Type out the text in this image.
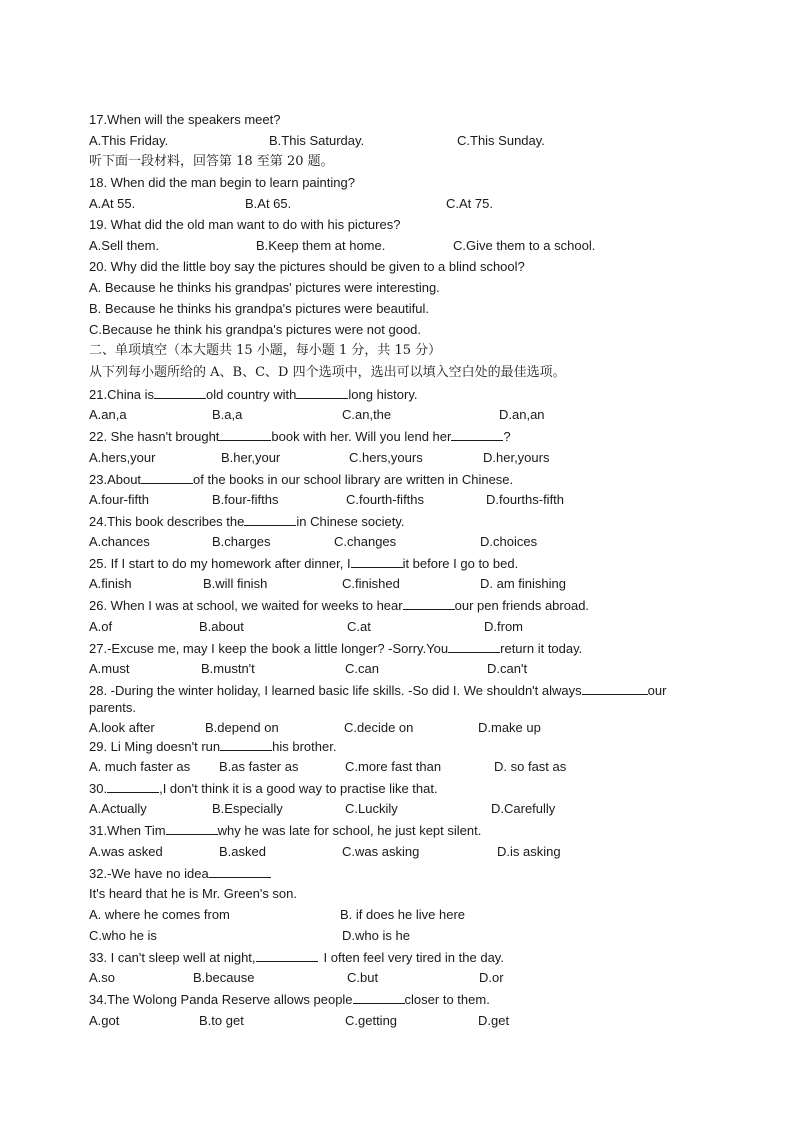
17.When will the speakers meet?
A.This Friday.	B.This Saturday.	C.This Sunday.
听下面一段材料，回答第 18 至第 20 题。
18. When did the man begin to learn painting?
A.At 55.	B.At 65.	C.At 75.
19. What did the old man want to do with his pictures?
A.Sell them.	B.Keep them at home.	C.Give them to a school.
20. Why did the little boy say the pictures should be given to a blind school?
A. Because he thinks his grandpas' pictures were interesting.
B. Because he thinks his grandpa's pictures were beautiful.
C.Because he think his grandpa's pictures were not good.
二、单项填空（本大题共 15 小题，每小题 1 分，共 15 分）
从下列每小题所给的 A、B、C、D 四个选项中，选出可以填入空白处的最佳选项。
21.China is	old country with	long history.
A.an,a	B.a,a	C.an,the	D.an,an
22. She hasn't brought	book with her. Will you lend her	?
A.hers,your	B.her,your	C.hers,yours	D.her,yours
23.About	of the books in our school library are written in Chinese.
A.four-fifth	B.four-fifths	C.fourth-fifths	D.fourths-fifth
24.This book describes the	in Chinese society.
A.chances	B.charges	C.changes	D.choices
25. If I start to do my homework after dinner, I	it before I go to bed.
A.finish	B.will finish	C.finished	D. am finishing
26. When I was at school, we waited for weeks to hear	our pen friends abroad.
A.of	B.about	C.at	D.from
27.-Excuse me, may I keep the book a little longer? -Sorry.You	return it today.
A.must	B.mustn't	C.can	D.can't
28. -During the winter holiday, I learned basic life skills. -So did I. We shouldn't always	our
parents.
A.look after	B.depend on	C.decide on	D.make up
29. Li Ming doesn't run	his brother.
A. much faster as B.as faster as	C.more fast than	D. so fast as
30.	,I don't think it is a good way to practise like that.
A.Actually	B.Especially	C.Luckily	D.Carefully
31.When Tim	why he was late for school, he just kept silent.
A.was asked	B.asked	C.was asking	D.is asking
32.-We have no idea
It's heard that he is Mr. Green's son.
A. where he comes from	B. if does he live here
C.who he is	D.who is he
33. I can't sleep well at night,	I often feel very tired in the day.
A.so	B.because	C.but	D.or
34.The Wolong Panda Reserve allows people	closer to them.
A.got	B.to get	C.getting	D.get
